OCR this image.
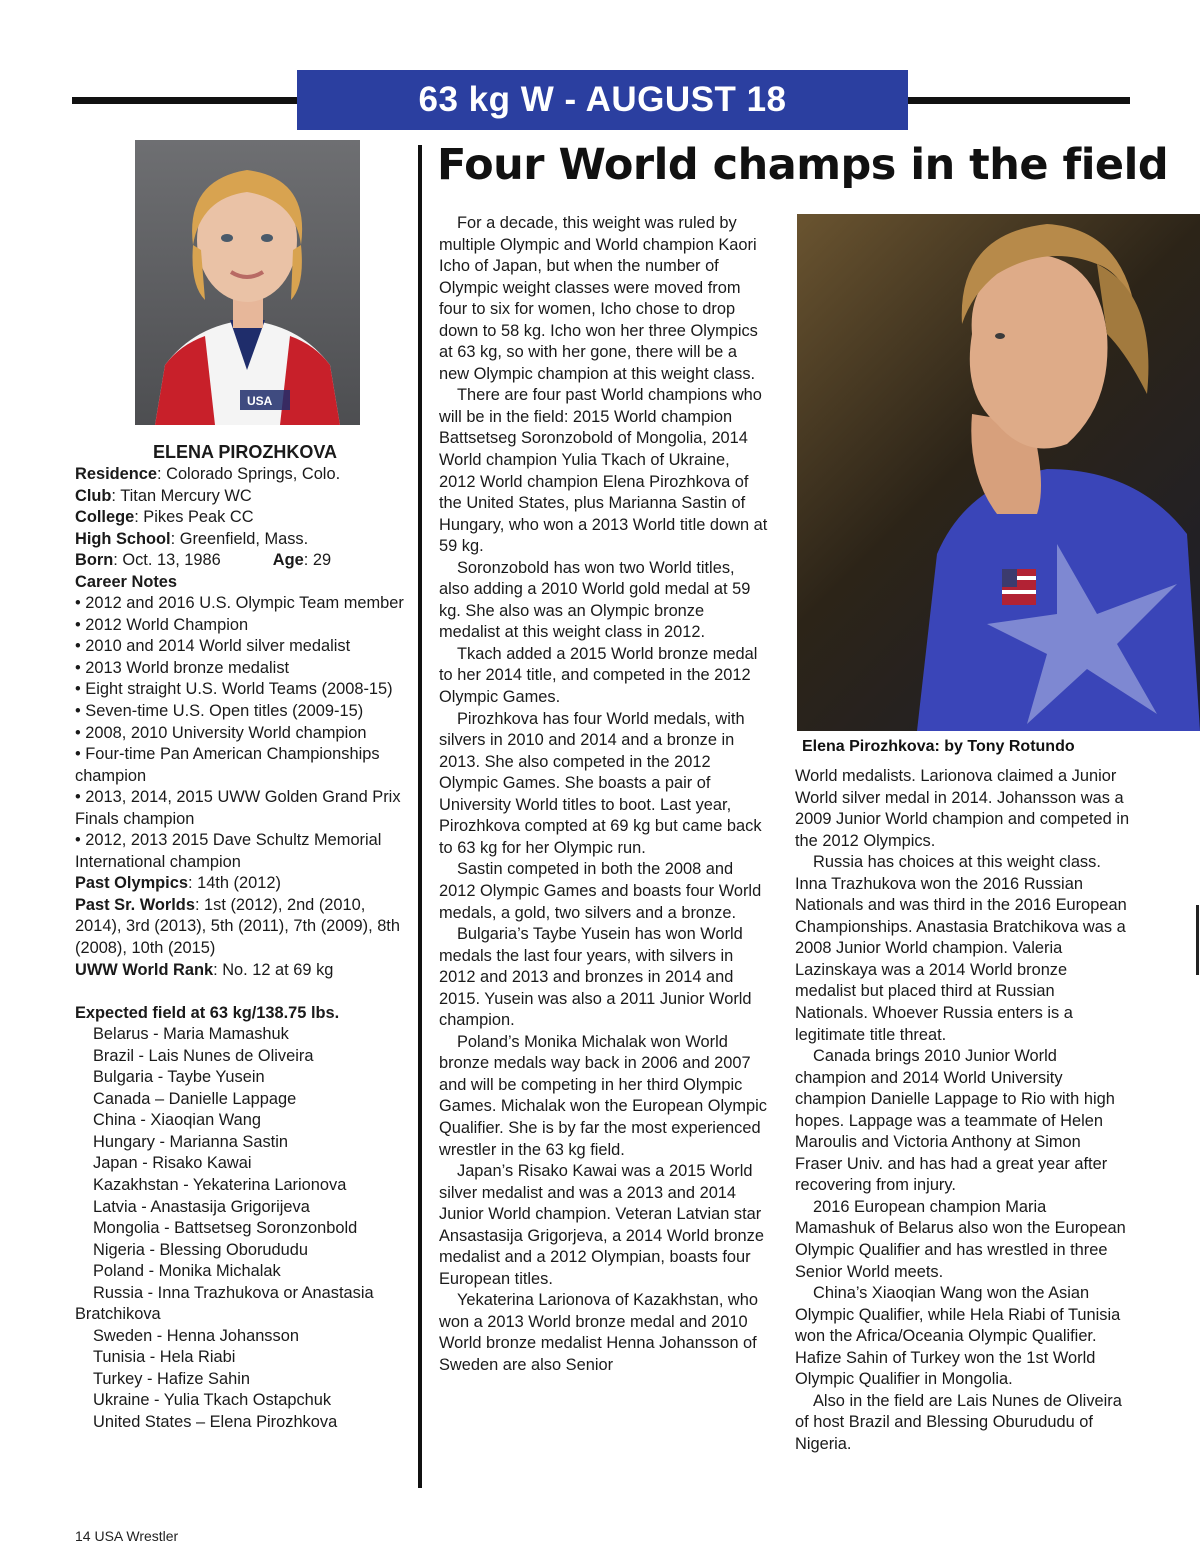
63 kg W - AUGUST 18
Four World champs in the field
USA
Elena Pirozhkova: by Tony Rotundo
ELENA PIROZHKOVA
Residence: Colorado Springs, Colo.
Club: Titan Mercury WC
College: Pikes Peak CC
High School: Greenfield, Mass.
Born: Oct. 13, 1986	Age: 29
Career Notes
• 2012 and 2016 U.S. Olympic Team member
• 2012 World Champion
• 2010 and 2014 World silver medalist
• 2013 World bronze medalist
• Eight straight U.S. World Teams (2008-15)
• Seven-time U.S. Open titles (2009-15)
• 2008, 2010 University World champion
• Four-time Pan American Championships champion
• 2013, 2014, 2015 UWW Golden Grand Prix Finals champion
• 2012, 2013 2015 Dave Schultz Memorial International champion
Past Olympics: 14th (2012)
Past Sr. Worlds: 1st (2012), 2nd (2010, 2014), 3rd (2013), 5th (2011), 7th (2009), 8th (2008), 10th (2015)
UWW World Rank: No. 12 at 69 kg
Expected field at 63 kg/138.75 lbs.
Belarus - Maria Mamashuk
Brazil - Lais Nunes de Oliveira
Bulgaria - Taybe Yusein
Canada – Danielle Lappage
China - Xiaoqian Wang
Hungary - Marianna Sastin
Japan - Risako Kawai
Kazakhstan - Yekaterina Larionova
Latvia - Anastasija Grigorijeva
Mongolia - Battsetseg Soronzonbold
Nigeria - Blessing Oborududu
Poland - Monika Michalak
Russia - Inna Trazhukova or Anastasia Bratchikova
Sweden - Henna Johansson
Tunisia - Hela Riabi
Turkey - Hafize Sahin
Ukraine - Yulia Tkach Ostapchuk
United States – Elena Pirozhkova

For a decade, this weight was ruled by multiple Olympic and World champion Kaori Icho of Japan, but when the number of Olympic weight classes were moved from four to six for women, Icho chose to drop down to 58 kg. Icho won her three Olympics at 63 kg, so with her gone, there will be a new Olympic champion at this weight class.

There are four past World champions who will be in the field: 2015 World champion Battsetseg Soronzobold of Mongolia, 2014 World champion Yulia Tkach of Ukraine, 2012 World champion Elena Pirozhkova of the United States, plus Marianna Sastin of Hungary, who won a 2013 World title down at 59 kg.

Soronzobold has won two World titles, also adding a 2010 World gold medal at 59 kg. She also was an Olympic bronze medalist at this weight class in 2012.

Tkach added a 2015 World bronze medal to her 2014 title, and competed in the 2012 Olympic Games.

Pirozhkova has four World medals, with silvers in 2010 and 2014 and a bronze in 2013. She also competed in the 2012 Olympic Games. She boasts a pair of University World titles to boot. Last year, Pirozhkova compted at 69 kg but came back to 63 kg for her Olympic run.

Sastin competed in both the 2008 and 2012 Olympic Games and boasts four World medals, a gold, two silvers and a bronze.

Bulgaria’s Taybe Yusein has won World medals the last four years, with silvers in 2012 and 2013 and bronzes in 2014 and 2015. Yusein was also a 2011 Junior World champion.

Poland’s Monika Michalak won World bronze medals way back in 2006 and 2007 and will be competing in her third Olympic Games. Michalak won the European Olympic Qualifier. She is by far the most experienced wrestler in the 63 kg field.

Japan’s Risako Kawai was a 2015 World silver medalist and was a 2013 and 2014 Junior World champion. Veteran Latvian star Ansastasija Grigorjeva, a 2014 World bronze medalist and a 2012 Olympian, boasts four European titles.

Yekaterina Larionova of Kazakhstan, who won a 2013 World bronze medal and 2010 World bronze medalist Henna Johansson of Sweden are also Senior

World medalists. Larionova claimed a Junior World silver medal in 2014. Johansson was a 2009 Junior World champion and competed in the 2012 Olympics.

Russia has choices at this weight class. Inna Trazhukova won the 2016 Russian Nationals and was third in the 2016 European Championships. Anastasia Bratchikova was a 2008 Junior World champion. Valeria Lazinskaya was a 2014 World bronze medalist but placed third at Russian Nationals. Whoever Russia enters is a legitimate title threat.

Canada brings 2010 Junior World champion and 2014 World University champion Danielle Lappage to Rio with high hopes. Lappage was a teammate of Helen Maroulis and Victoria Anthony at Simon Fraser Univ. and has had a great year after recovering from injury.

2016 European champion Maria Mamashuk of Belarus also won the European Olympic Qualifier and has wrestled in three Senior World meets.

China’s Xiaoqian Wang won the Asian Olympic Qualifier, while Hela Riabi of Tunisia won the Africa/Oceania Olympic Qualifier. Hafize Sahin of Turkey won the 1st World Olympic Qualifier in Mongolia.

Also in the field are Lais Nunes de Oliveira of host Brazil and Blessing Oburududu of Nigeria.

14 USA Wrestler
